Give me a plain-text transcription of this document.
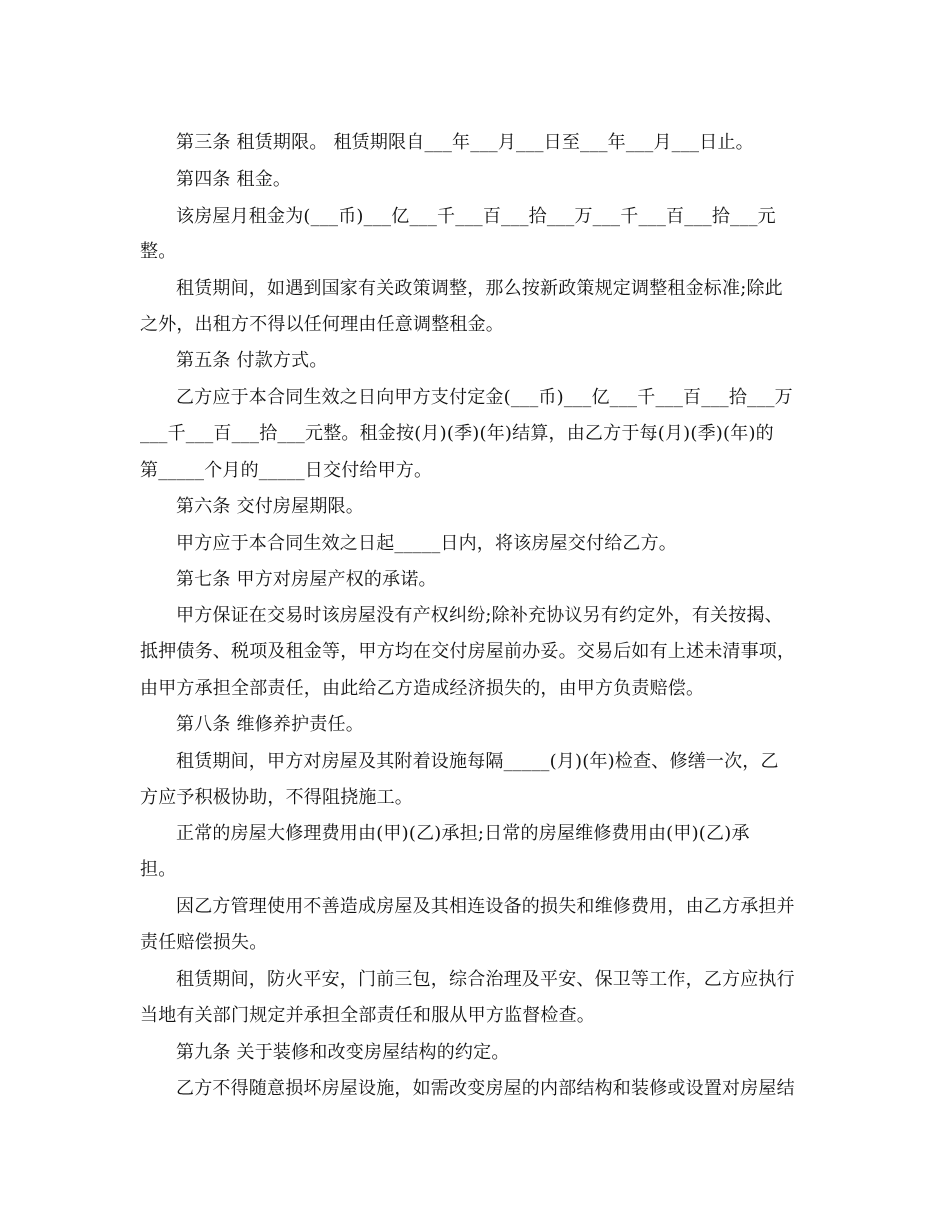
第三条 租赁期限。 租赁期限自___年___月___日至___年___月___日止。
第四条 租金。
该房屋月租金为(___币)___亿___千___百___拾___万___千___百___拾___元
整。
租赁期间，如遇到国家有关政策调整，那么按新政策规定调整租金标准;除此
之外，出租方不得以任何理由任意调整租金。
第五条 付款方式。
乙方应于本合同生效之日向甲方支付定金(___币)___亿___千___百___拾___万
___千___百___拾___元整。租金按(月)(季)(年)结算，由乙方于每(月)(季)(年)的
第_____个月的_____日交付给甲方。
第六条 交付房屋期限。
甲方应于本合同生效之日起_____日内，将该房屋交付给乙方。
第七条 甲方对房屋产权的承诺。
甲方保证在交易时该房屋没有产权纠纷;除补充协议另有约定外，有关按揭、
抵押债务、税项及租金等，甲方均在交付房屋前办妥。交易后如有上述未清事项，
由甲方承担全部责任，由此给乙方造成经济损失的，由甲方负责赔偿。
第八条 维修养护责任。
租赁期间，甲方对房屋及其附着设施每隔_____(月)(年)检查、修缮一次，乙
方应予积极协助，不得阻挠施工。
正常的房屋大修理费用由(甲)(乙)承担;日常的房屋维修费用由(甲)(乙)承
担。
因乙方管理使用不善造成房屋及其相连设备的损失和维修费用，由乙方承担并
责任赔偿损失。
租赁期间，防火平安，门前三包，综合治理及平安、保卫等工作，乙方应执行
当地有关部门规定并承担全部责任和服从甲方监督检查。
第九条 关于装修和改变房屋结构的约定。
乙方不得随意损坏房屋设施，如需改变房屋的内部结构和装修或设置对房屋结
